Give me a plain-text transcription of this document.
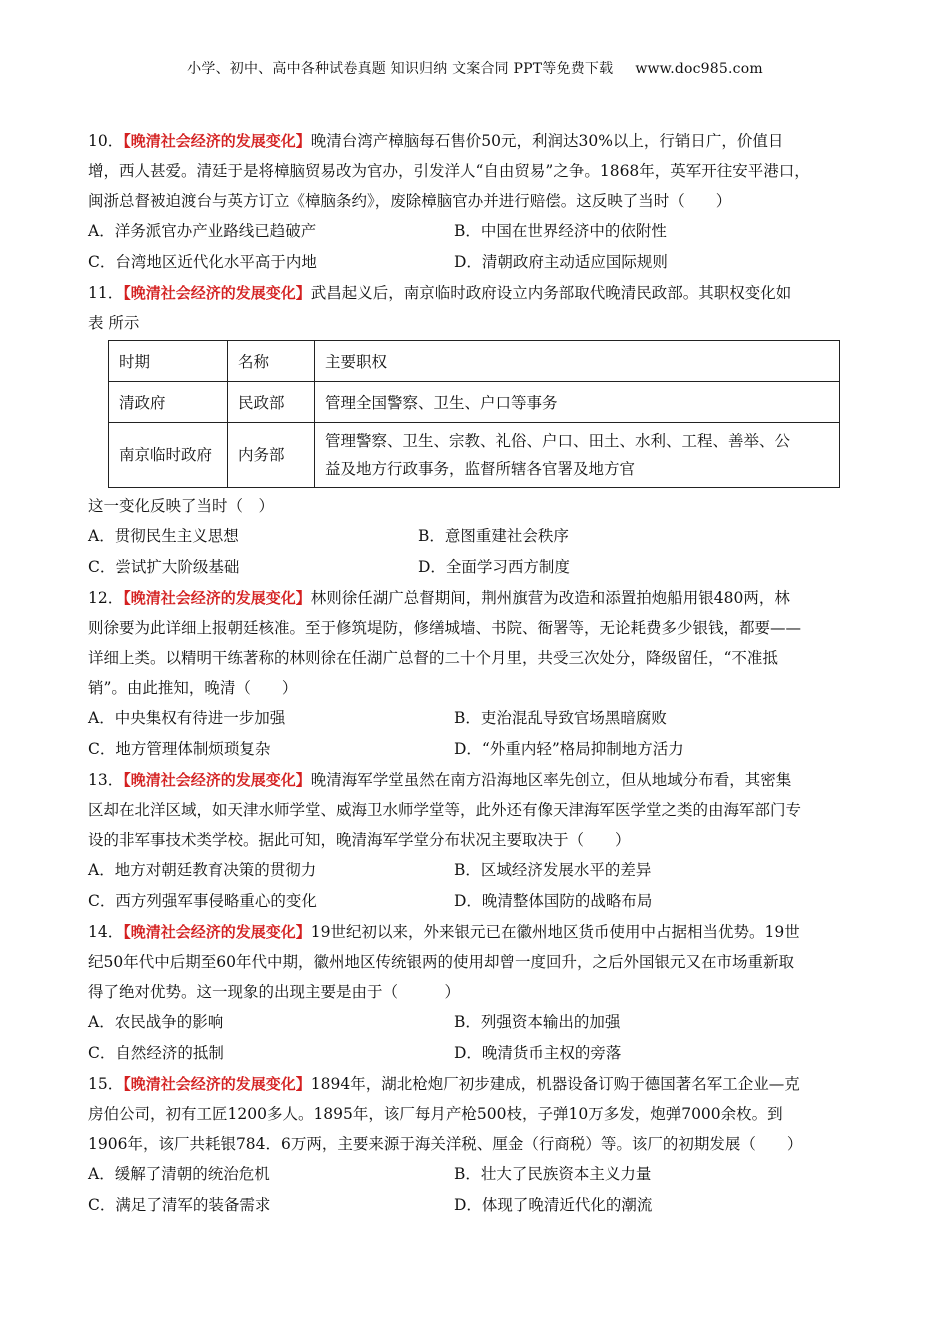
小学、初中、高中各种试卷真题 知识归纳 文案合同 PPT等免费下载 www.doc985.com
10．【晚清社会经济的发展变化】晚清台湾产樟脑每石售价50元，利润达30%以上，行销日广，价值日
增，西人甚爱。清廷于是将樟脑贸易改为官办，引发洋人“自由贸易”之争。1868年，英军开往安平港口，
闽浙总督被迫渡台与英方订立《樟脑条约》，废除樟脑官办并进行赔偿。这反映了当时（　　）
A．洋务派官办产业路线已趋破产	B．中国在世界经济中的依附性
C．台湾地区近代化水平高于内地	D．清朝政府主动适应国际规则
11．【晚清社会经济的发展变化】武昌起义后，南京临时政府设立内务部取代晚清民政部。其职权变化如
表 所示
时期	名称	主要职权
清政府	民政部	管理全国警察、卫生、户口等事务
南京临时政府	内务部	管理警察、卫生、宗教、礼俗、户口、田土、水利、工程、善举、公
益及地方行政事务，监督所辖各官署及地方官
这一变化反映了当时（　）
A．贯彻民生主义思想	B．意图重建社会秩序
C．尝试扩大阶级基础	D．全面学习西方制度
12．【晚清社会经济的发展变化】林则徐任湖广总督期间，荆州旗营为改造和添置拍炮船用银480两，林
则徐要为此详细上报朝廷核准。至于修筑堤防，修缮城墙、书院、衙署等，无论耗费多少银钱，都要——
详细上类。以精明干练著称的林则徐在任湖广总督的二十个月里，共受三次处分，降级留任，“不准抵
销”。由此推知，晚清（　　）
A．中央集权有待进一步加强	B．吏治混乱导致官场黑暗腐败
C．地方管理体制烦琐复杂	D．“外重内轻”格局抑制地方活力
13．【晚清社会经济的发展变化】晚清海军学堂虽然在南方沿海地区率先创立，但从地域分布看，其密集
区却在北洋区域，如天津水师学堂、威海卫水师学堂等，此外还有像天津海军医学堂之类的由海军部门专
设的非军事技术类学校。据此可知，晚清海军学堂分布状况主要取决于（　　）
A．地方对朝廷教育决策的贯彻力	B．区域经济发展水平的差异
C．西方列强军事侵略重心的变化	D．晚清整体国防的战略布局
14．【晚清社会经济的发展变化】19世纪初以来，外来银元已在徽州地区货币使用中占据相当优势。19世
纪50年代中后期至60年代中期，徽州地区传统银两的使用却曾一度回升，之后外国银元又在市场重新取
得了绝对优势。这一现象的出现主要是由于（　　　）
A．农民战争的影响	B．列强资本输出的加强
C．自然经济的抵制	D．晚清货币主权的旁落
15．【晚清社会经济的发展变化】1894年，湖北枪炮厂初步建成，机器设备订购于德国著名军工企业—克
房伯公司，初有工匠1200多人。1895年，该厂每月产枪500枝，子弹10万多发，炮弹7000余枚。到
1906年，该厂共耗银784．6万两，主要来源于海关洋税、厘金（行商税）等。该厂的初期发展（　　）
A．缓解了清朝的统治危机	B．壮大了民族资本主义力量
C．满足了清军的装备需求	D．体现了晚清近代化的潮流
